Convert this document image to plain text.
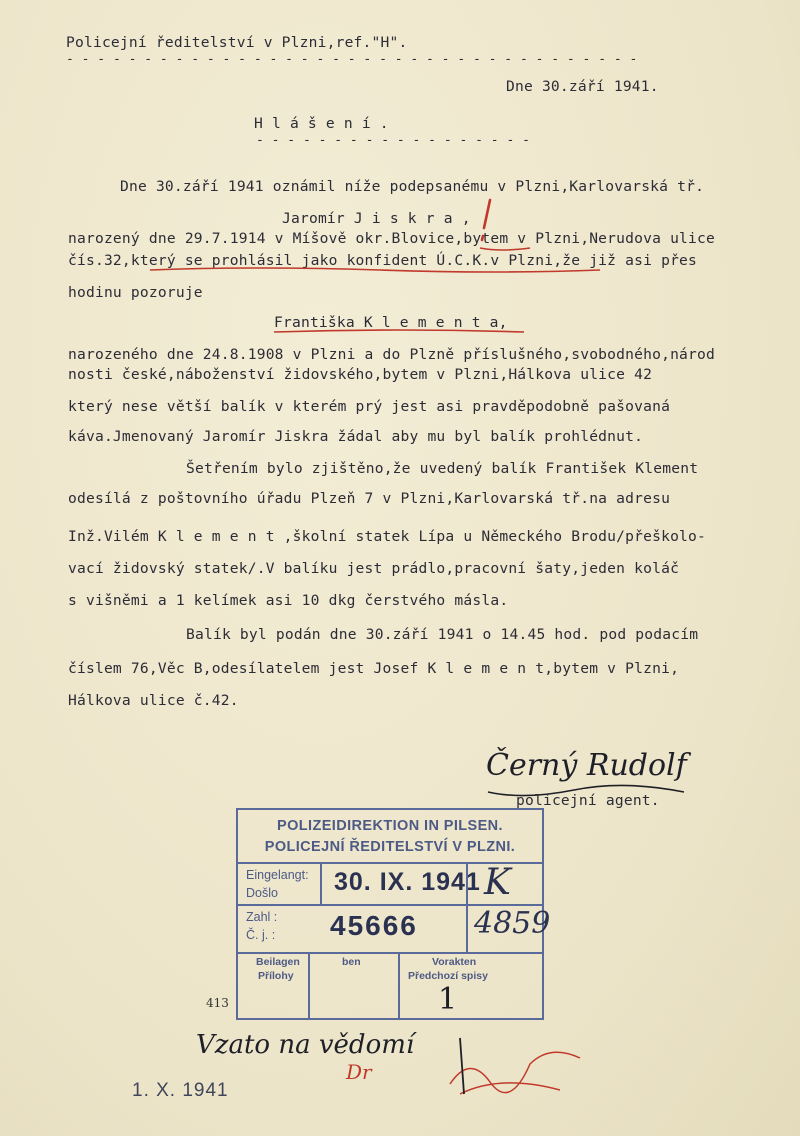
Policejní ředitelství v Plzni,ref."H".
- - - - - - - - - - - - - - - - - - - - - - - - - - - - - - - - - - - - -
Dne 30.září 1941.
H l á š e n í .
- - - - - - - - - - - - - - - - - -
Dne 30.září 1941 oznámil níže podepsanému v Plzni,Karlovarská tř.
Jaromír J i s k r a ,
narozený dne 29.7.1914 v Míšově okr.Blovice,bytem v Plzni,Nerudova ulice
čís.32,který se prohlásil jako konfident Ú.C.K.v Plzni,že již asi přes
hodinu pozoruje
Františka K l e m e n t a,
narozeného dne 24.8.1908 v Plzni a do Plzně příslušného,svobodného,národ
nosti české,náboženství židovského,bytem v Plzni,Hálkova ulice 42
který nese větší balík v kterém prý jest asi pravděpodobně pašovaná
káva.Jmenovaný Jaromír Jiskra žádal aby mu byl balík prohlédnut.
Šetřením bylo zjištěno,že uvedený balík František Klement
odesílá z poštovního úřadu Plzeň 7 v Plzni,Karlovarská tř.na adresu
Inž.Vilém K l e m e n t ,školní statek Lípa u Německého Brodu/přeškolo-
vací židovský statek/.V balíku jest prádlo,pracovní šaty,jeden koláč
s višněmi a 1 kelímek asi 10 dkg čerstvého másla.
Balík byl podán dne 30.září 1941 o 14.45 hod. pod podacím
číslem 76,Věc B,odesílatelem jest Josef K l e m e n t,bytem v Plzni,
Hálkova ulice č.42.
Černý Rudolf
policejní agent.
POLIZEIDIREKTION IN PILSEN.
POLICEJNÍ ŘEDITELSTVÍ V PLZNI.
Eingelangt:
Došlo 30. IX. 1941 K
Zahl :
Č. j. : 45666 4859
Beilagen
Přílohy
ben	Vorakten
Předchozí spisy
1
413
Vzato na vědomí
Dr
1. X. 1941
